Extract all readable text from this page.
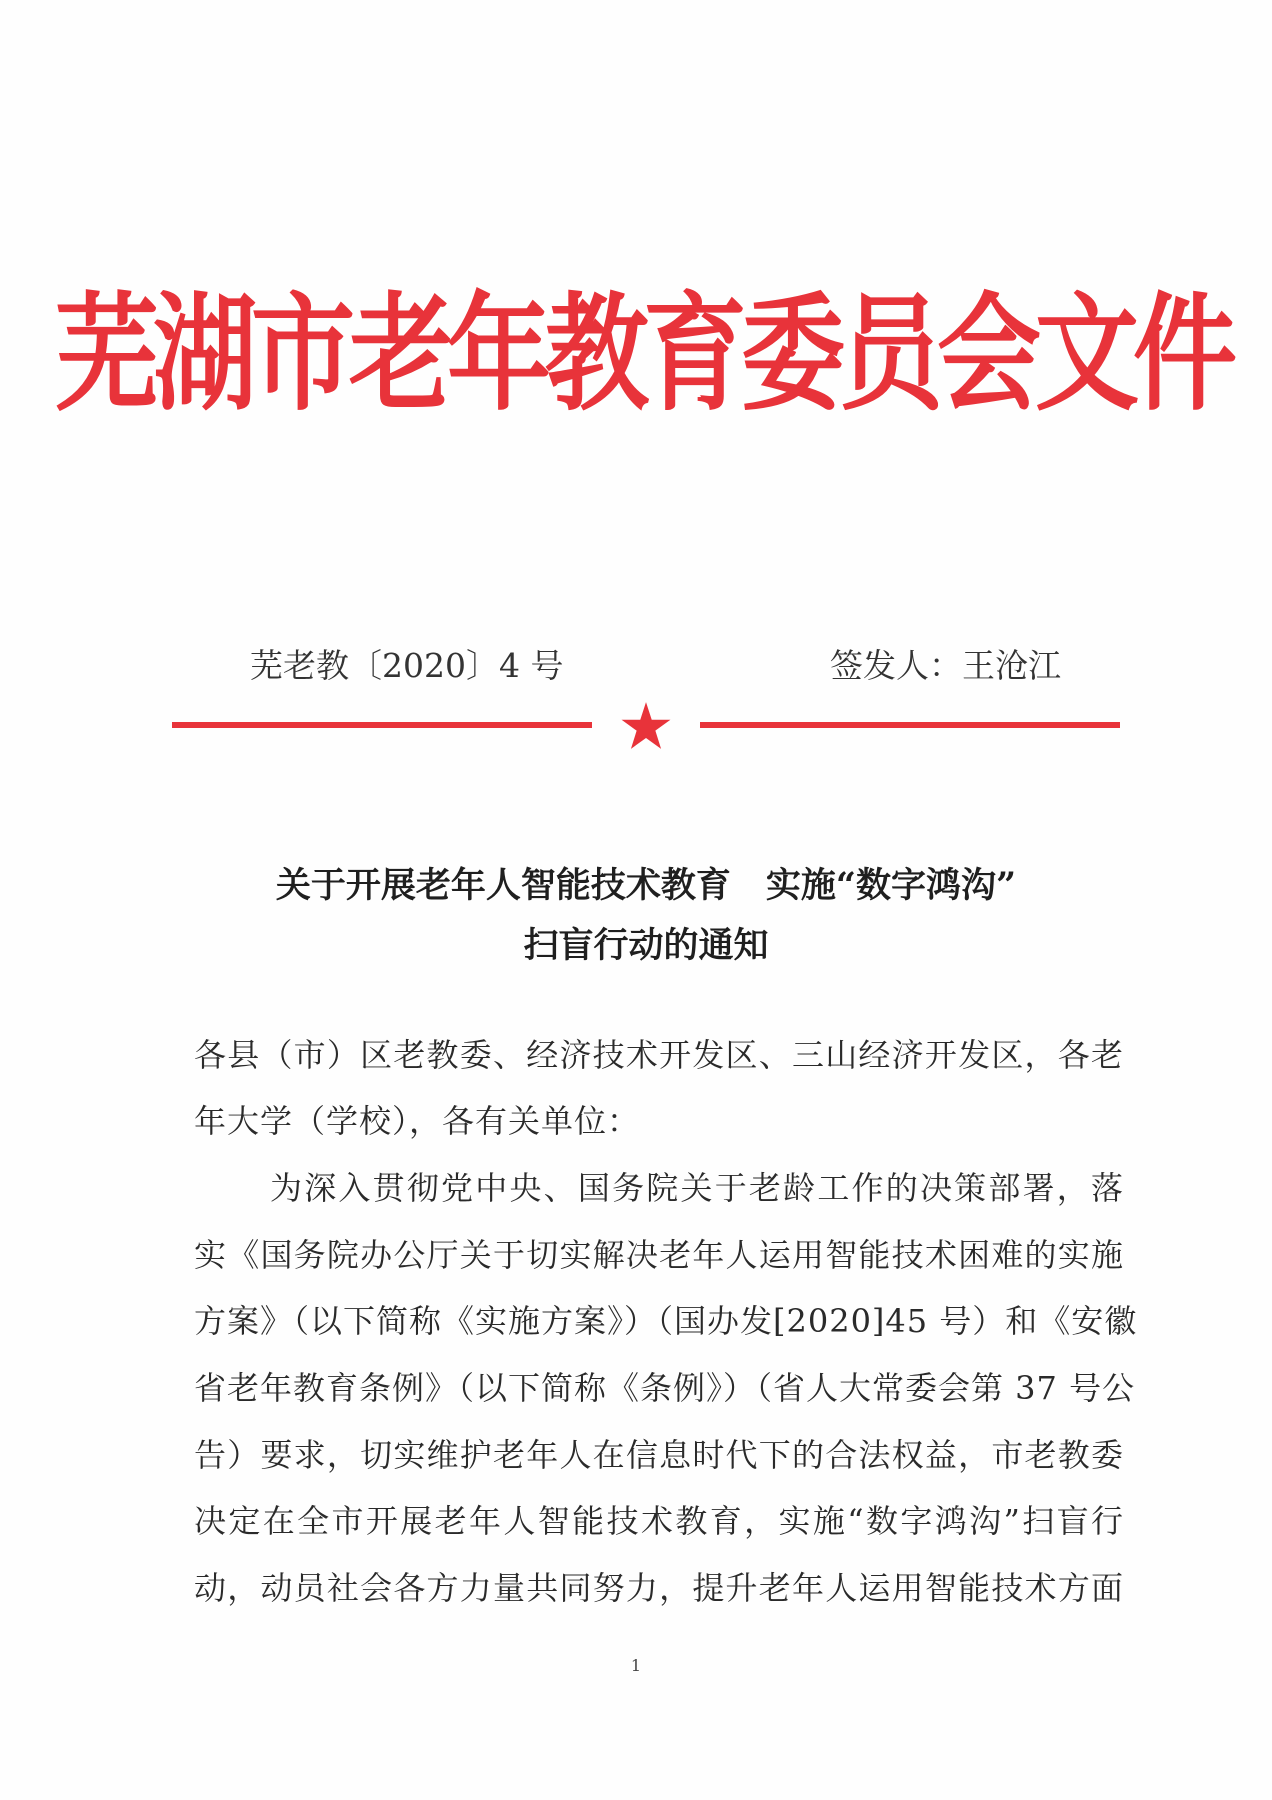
芜湖市老年教育委员会文件
芜老教〔2020〕4 号	签发人：王沧江
关于开展老年人智能技术教育　实施“数字鸿沟”
扫盲行动的通知
各县（市）区老教委、经济技术开发区、三山经济开发区，各老
年大学（学校），各有关单位：
为深入贯彻党中央、国务院关于老龄工作的决策部署，落
实《国务院办公厅关于切实解决老年人运用智能技术困难的实施
方案》（以下简称《实施方案》）（国办发[2020]45 号）和《安徽
省老年教育条例》（以下简称《条例》）（省人大常委会第 37 号公
告）要求，切实维护老年人在信息时代下的合法权益，市老教委
决定在全市开展老年人智能技术教育，实施“数字鸿沟”扫盲行
动，动员社会各方力量共同努力，提升老年人运用智能技术方面
1
